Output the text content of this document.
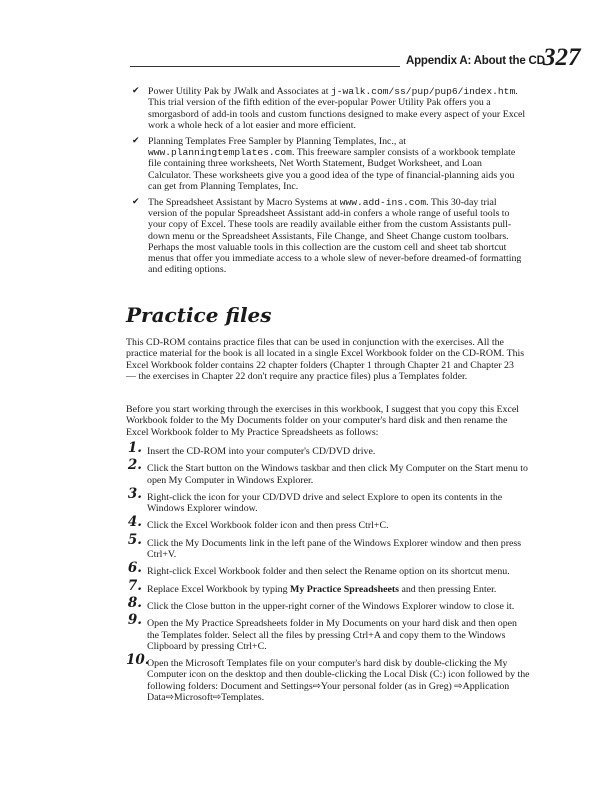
Appendix A: About the CD
327
✔ Power Utility Pak by JWalk and Associates at j-walk.com/ss/pup/pup6/index.htm. This trial version of the fifth edition of the ever-popular Power Utility Pak offers you a smorgasbord of add-in tools and custom functions designed to make every aspect of your Excel work a whole heck of a lot easier and more efficient.
✔ Planning Templates Free Sampler by Planning Templates, Inc., at www.planningtemplates.com. This freeware sampler consists of a workbook template file containing three worksheets, Net Worth Statement, Budget Worksheet, and Loan Calculator. These worksheets give you a good idea of the type of financial-planning aids you can get from Planning Templates, Inc.
✔ The Spreadsheet Assistant by Macro Systems at www.add-ins.com. This 30-day trial version of the popular Spreadsheet Assistant add-in confers a whole range of useful tools to your copy of Excel. These tools are readily available either from the custom Assistants pull-down menu or the Spreadsheet Assistants, File Change, and Sheet Change custom toolbars. Perhaps the most valuable tools in this collection are the custom cell and sheet tab shortcut menus that offer you immediate access to a whole slew of never-before dreamed-of formatting and editing options.
Practice files
This CD-ROM contains practice files that can be used in conjunction with the exercises. All the practice material for the book is all located in a single Excel Workbook folder on the CD-ROM. This Excel Workbook folder contains 22 chapter folders (Chapter 1 through Chapter 21 and Chapter 23 — the exercises in Chapter 22 don't require any practice files) plus a Templates folder.
Before you start working through the exercises in this workbook, I suggest that you copy this Excel Workbook folder to the My Documents folder on your computer's hard disk and then rename the Excel Workbook folder to My Practice Spreadsheets as follows:
1. Insert the CD-ROM into your computer's CD/DVD drive.
2. Click the Start button on the Windows taskbar and then click My Computer on the Start menu to open My Computer in Windows Explorer.
3. Right-click the icon for your CD/DVD drive and select Explore to open its contents in the Windows Explorer window.
4. Click the Excel Workbook folder icon and then press Ctrl+C.
5. Click the My Documents link in the left pane of the Windows Explorer window and then press Ctrl+V.
6. Right-click Excel Workbook folder and then select the Rename option on its shortcut menu.
7. Replace Excel Workbook by typing My Practice Spreadsheets and then pressing Enter.
8. Click the Close button in the upper-right corner of the Windows Explorer window to close it.
9. Open the My Practice Spreadsheets folder in My Documents on your hard disk and then open the Templates folder. Select all the files by pressing Ctrl+A and copy them to the Windows Clipboard by pressing Ctrl+C.
10.
Open the Microsoft Templates file on your computer's hard disk by double-clicking the My Computer icon on the desktop and then double-clicking the Local Disk (C:) icon followed by the following folders: Document and Settings⇨Your personal folder (as in Greg) ⇨Application Data⇨Microsoft⇨Templates.
